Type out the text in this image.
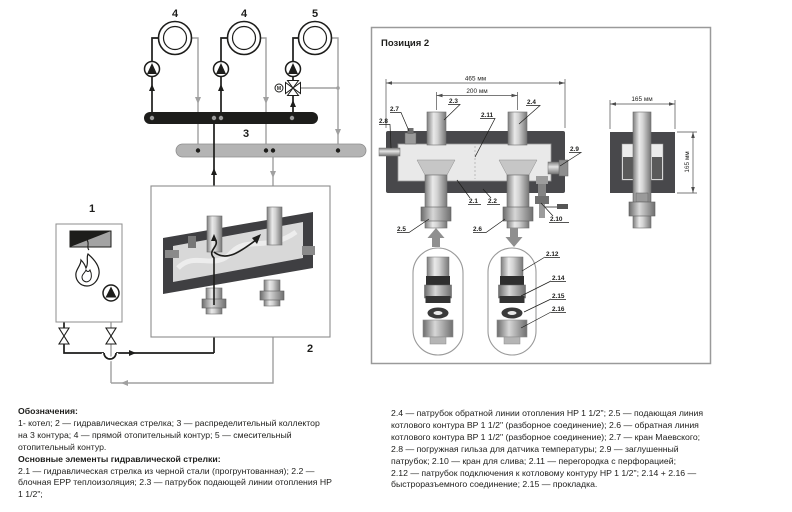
4	4	5
M
3
1
2
Позиция 2
465 мм
200 мм
165 мм
165 мм
2.7
2.8
2.3
2.11
2.4
2.9
2.1 2.2
2.10
2.5	2.6
2.12
2.14
2.15
2.16
Обозначения:
1- котел; 2 — гидравлическая стрелка; 3 — распределительный коллектор
на 3 контура; 4 — прямой отопительный контур; 5 — смесительный
отопительный контур.
Основные элементы гидравлической стрелки:
2.1 — гидравлическая стрелка из черной стали (прогрунтованная); 2.2 —
блочная EPP теплоизоляция; 2.3 — патрубок подающей линии отопления HP
1 1/2";
2.4 — патрубок обратной линии отопления HP 1 1/2"; 2.5 — подающая линия
котлового контура BP 1 1/2" (разборное соединение); 2.6 — обратная линия
котлового контура BP 1 1/2" (разборное соединение); 2.7 — кран Маевского;
2.8 — погружная гильза для датчика температуры; 2.9 — заглушенный
патрубок; 2.10 — кран для слива; 2.11 — перегородка с перфорацией;
2.12 — патрубок подключения к котловому контуру HP 1 1/2"; 2.14 + 2.16 —
быстроразъемного соединение; 2.15 — прокладка.
